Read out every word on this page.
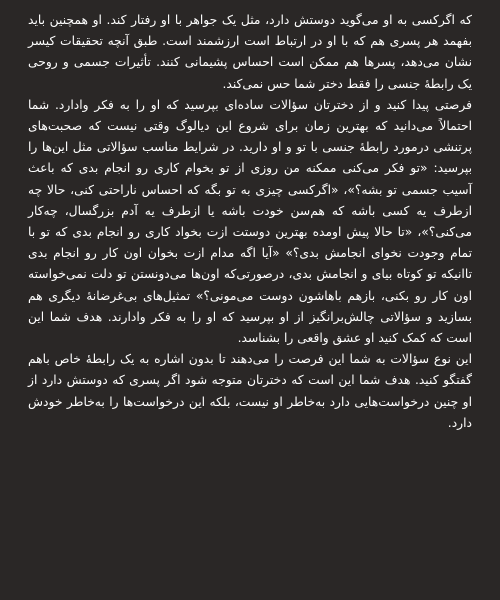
که اگرکسی به او می‌گوید دوستش دارد، مثل یک جواهر با او رفتار کند. او همچنین باید بفهمد هر پسری هم که با او در ارتباط است ارزشمند است. طبق آنچه تحقیقات کیسر نشان می‌دهد، پسرها هم ممکن است احساس پشیمانی کنند. تأثیرات جسمی و روحی یک رابطهٔ جنسی را فقط دختر شما حس نمی‌کند.

فرصتی پیدا کنید و از دخترتان سؤالات ساده‌ای بپرسید که او را به فکر وادارد. شما احتمالاً می‌دانید که بهترین زمان برای شروع این دیالوگ وقتی نیست که صحبت‌های پرتنشی درمورد رابطهٔ جنسی با تو و او دارید. در شرایط مناسب سؤالاتی مثل این‌ها را بپرسید: «تو فکر می‌کنی ممکنه من روزی از تو بخوام کاری رو انجام بدی که باعث آسیب جسمی تو بشه؟»، «اگرکسی چیزی به تو بگه که احساس ناراحتی کنی، حالا چه ازطرف یه کسی باشه که هم‌سن خودت باشه یا ازطرف یه آدم بزرگسال، چه‌کار می‌کنی؟»، «تا حالا پیش اومده بهترین دوستت ازت بخواد کاری رو انجام بدی که تو با تمام وجودت نخوای انجامش بدی؟» «آیا اگه مدام ازت بخوان اون کار رو انجام بدی تاانیکه تو کوتاه بیای و انجامش بدی، درصورتی‌که اون‌ها می‌دونستن تو دلت نمی‌خواسته اون کار رو بکنی، بازهم باهاشون دوست می‌مونی؟» تمثیل‌های بی‌غرضانهٔ دیگری هم بسازید و سؤالاتی چالش‌برانگیز از او بپرسید که او را به فکر وادارند. هدف شما این است که کمک کنید او عشق واقعی را بشناسد.

این نوع سؤالات به شما این فرصت را می‌دهند تا بدون اشاره به یک رابطهٔ خاص باهم گفتگو کنید. هدف شما این است که دخترتان متوجه شود اگر پسری که دوستش دارد از او چنین درخواست‌هایی دارد به‌خاطر او نیست، بلکه این درخواست‌ها را به‌خاطر خودش دارد.
